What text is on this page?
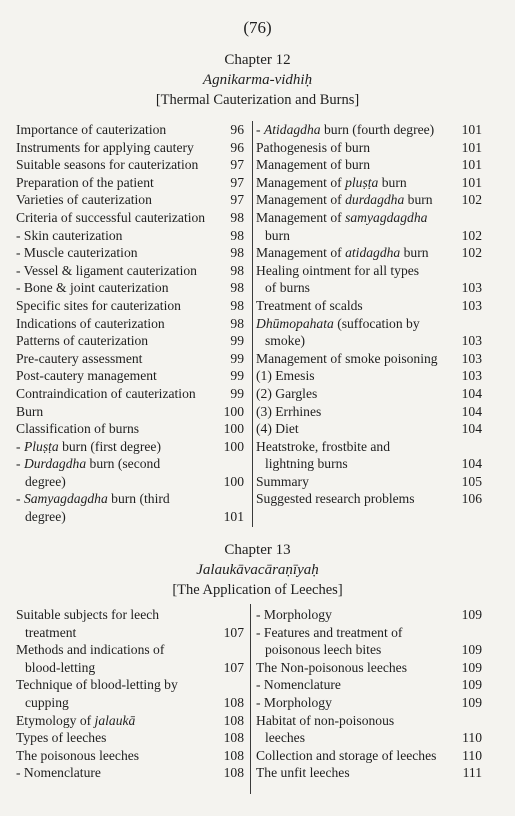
(76)
Chapter 12
Agnikarma-vidhiḥ
[Thermal Cauterization and Burns]
Importance of cauterization	96
Instruments for applying cautery	96
Suitable seasons for cauterization	97
Preparation of the patient	97
Varieties of cauterization	97
Criteria of successful cauterization	98
- Skin cauterization	98
- Muscle cauterization	98
- Vessel & ligament cauterization	98
- Bone & joint cauterization	98
Specific sites for cauterization	98
Indications of cauterization	98
Patterns of cauterization	99
Pre-cautery assessment	99
Post-cautery management	99
Contraindication of cauterization	99
Burn	100
Classification of burns	100
- Pluṣṭa burn (first degree)	100
- Durdagdha burn (second
degree)	100
- Samyagdagdha burn (third
degree)	101
- Atidagdha burn (fourth degree)	101
Pathogenesis of burn	101
Management of burn	101
Management of pluṣṭa burn	101
Management of durdagdha burn	102
Management of samyagdagdha
burn	102
Management of atidagdha burn	102
Healing ointment for all types
of burns	103
Treatment of scalds	103
Dhūmopahata (suffocation by
smoke)	103
Management of smoke poisoning	103
(1) Emesis	103
(2) Gargles	104
(3) Errhines	104
(4) Diet	104
Heatstroke, frostbite and
lightning burns	104
Summary	105
Suggested research problems	106
Chapter 13
Jalaukāvacāraṇīyaḥ
[The Application of Leeches]
Suitable subjects for leech
treatment	107
Methods and indications of
blood-letting	107
Technique of blood-letting by
cupping	108
Etymology of jalaukā	108
Types of leeches	108
The poisonous leeches	108
- Nomenclature	108
- Morphology	109
- Features and treatment of
poisonous leech bites	109
The Non-poisonous leeches	109
- Nomenclature	109
- Morphology	109
Habitat of non-poisonous
leeches	110
Collection and storage of leeches	110
The unfit leeches	111
